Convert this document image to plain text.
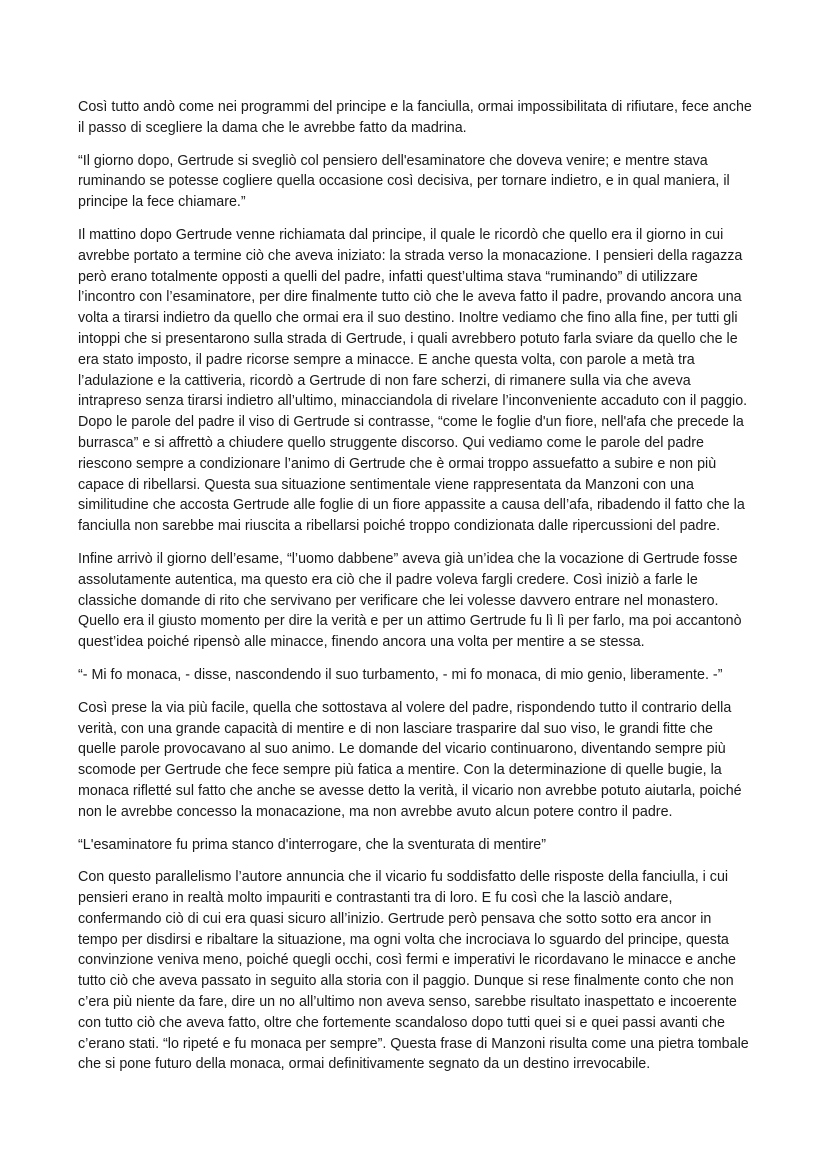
Così tutto andò come nei programmi del principe e la fanciulla, ormai impossibilitata di rifiutare, fece anche il passo di scegliere la dama che le avrebbe fatto da madrina.

“Il giorno dopo, Gertrude si svegliò col pensiero dell'esaminatore che doveva venire; e mentre stava ruminando se potesse cogliere quella occasione così decisiva, per tornare indietro, e in qual maniera, il principe la fece chiamare.”

Il mattino dopo Gertrude venne richiamata dal principe, il quale le ricordò che quello era il giorno in cui avrebbe portato a termine ciò che aveva iniziato: la strada verso la monacazione. I pensieri della ragazza però erano totalmente opposti a quelli del padre, infatti quest’ultima stava “ruminando” di utilizzare l’incontro con l’esaminatore, per dire finalmente tutto ciò che le aveva fatto il padre, provando ancora una volta a tirarsi indietro da quello che ormai era il suo destino. Inoltre vediamo che fino alla fine, per tutti gli intoppi che si presentarono sulla strada di Gertrude, i quali avrebbero potuto farla sviare da quello che le era stato imposto, il padre ricorse sempre a minacce. E anche questa volta, con parole a metà tra l’adulazione e la cattiveria, ricordò a Gertrude di non fare scherzi, di rimanere sulla via che aveva intrapreso senza tirarsi indietro all’ultimo, minacciandola di rivelare l’inconveniente accaduto con il paggio. Dopo le parole del padre il viso di Gertrude si contrasse, “come le foglie d'un fiore, nell'afa che precede la burrasca” e si affrettò a chiudere quello struggente discorso. Qui vediamo come le parole del padre riescono sempre a condizionare l’animo di Gertrude che è ormai troppo assuefatto a subire e non più capace di ribellarsi. Questa sua situazione sentimentale viene rappresentata da Manzoni con una similitudine che accosta Gertrude alle foglie di un fiore appassite a causa dell’afa, ribadendo il fatto che la fanciulla non sarebbe mai riuscita a ribellarsi poiché troppo condizionata dalle ripercussioni del padre.

Infine arrivò il giorno dell’esame, “l’uomo dabbene” aveva già un’idea che la vocazione di Gertrude fosse assolutamente autentica, ma questo era ciò che il padre voleva fargli credere. Così iniziò a farle le classiche domande di rito che servivano per verificare che lei volesse davvero entrare nel monastero. Quello era il giusto momento per dire la verità e per un attimo Gertrude fu lì lì per farlo, ma poi accantonò quest’idea poiché ripensò alle minacce, finendo ancora una volta per mentire a se stessa.

“- Mi fo monaca, - disse, nascondendo il suo turbamento, - mi fo monaca, di mio genio, liberamente. -”

Così prese la via più facile, quella che sottostava al volere del padre, rispondendo tutto il contrario della verità, con una grande capacità di mentire e di non lasciare trasparire dal suo viso, le grandi fitte che quelle parole provocavano al suo animo. Le domande del vicario continuarono, diventando sempre più scomode per Gertrude che fece sempre più fatica a mentire. Con la determinazione di quelle bugie, la monaca rifletté sul fatto che anche se avesse detto la verità, il vicario non avrebbe potuto aiutarla, poiché non le avrebbe concesso la monacazione, ma non avrebbe avuto alcun potere contro il padre.

“L'esaminatore fu prima stanco d'interrogare, che la sventurata di mentire”

Con questo parallelismo l’autore annuncia che il vicario fu soddisfatto delle risposte della fanciulla, i cui pensieri erano in realtà molto impauriti e contrastanti tra di loro. E fu così che la lasciò andare, confermando ciò di cui era quasi sicuro all’inizio. Gertrude però pensava che sotto sotto era ancor in tempo per disdirsi e ribaltare la situazione, ma ogni volta che incrociava lo sguardo del principe, questa convinzione veniva meno, poiché quegli occhi, così fermi e imperativi le ricordavano le minacce e anche tutto ciò che aveva passato in seguito alla storia con il paggio. Dunque si rese finalmente conto che non c’era più niente da fare, dire un no all’ultimo non aveva senso, sarebbe risultato inaspettato e incoerente con tutto ciò che aveva fatto, oltre che fortemente scandaloso dopo tutti quei si e quei passi avanti che c’erano stati. “lo ripeté e fu monaca per sempre”. Questa frase di Manzoni risulta come una pietra tombale che si pone futuro della monaca, ormai definitivamente segnato da un destino irrevocabile.
